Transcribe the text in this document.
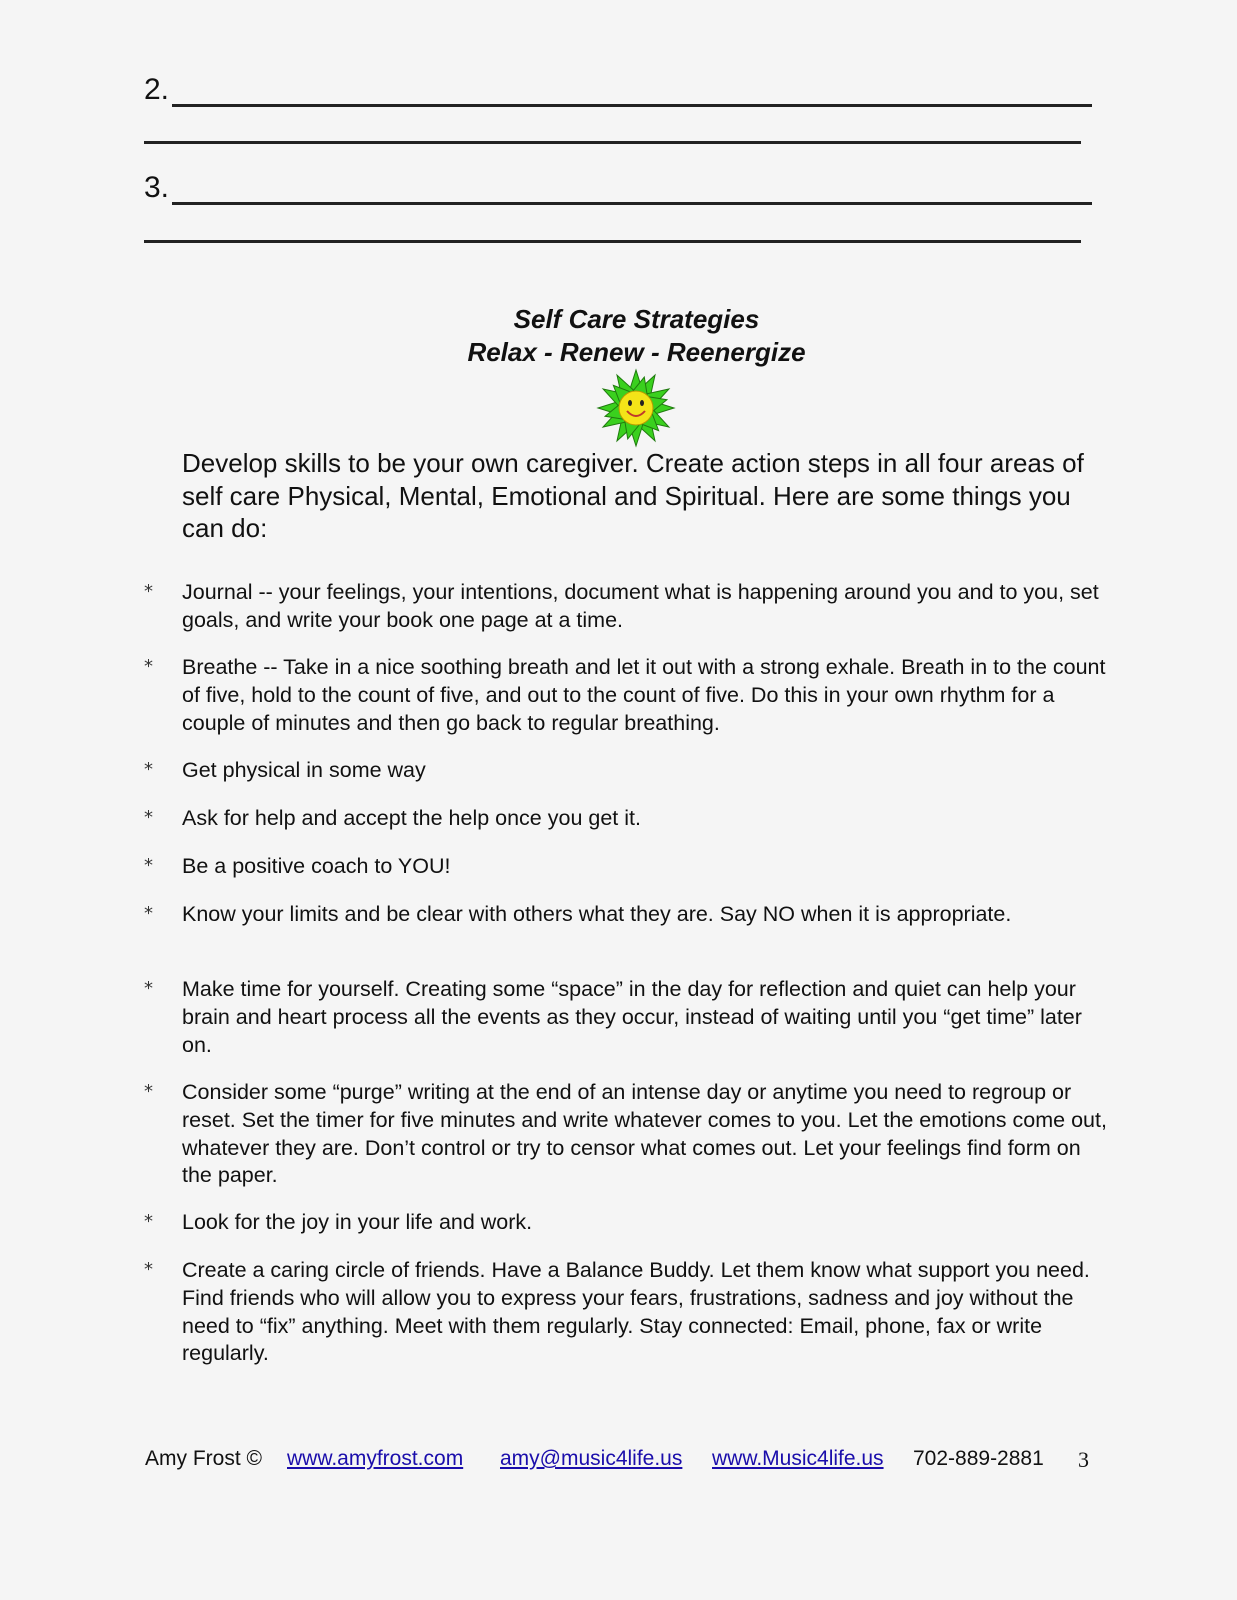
2.
3.
Self Care Strategies
Relax - Renew - Reenergize

Develop skills to be your own caregiver. Create action steps in all four areas of self care Physical, Mental, Emotional and Spiritual. Here are some things you can do:

* Journal -- your feelings, your intentions, document what is happening around you and to you, set goals, and write your book one page at a time.

* Breathe -- Take in a nice soothing breath and let it out with a strong exhale. Breath in to the count of five, hold to the count of five, and out to the count of five. Do this in your own rhythm for a couple of minutes and then go back to regular breathing.

* Get physical in some way

* Ask for help and accept the help once you get it.

* Be a positive coach to YOU!

* Know your limits and be clear with others what they are. Say NO when it is appropriate.

* Make time for yourself. Creating some “space” in the day for reflection and quiet can help your brain and heart process all the events as they occur, instead of waiting until you “get time” later on.

* Consider some “purge” writing at the end of an intense day or anytime you need to regroup or reset. Set the timer for five minutes and write whatever comes to you. Let the emotions come out, whatever they are. Don’t control or try to censor what comes out. Let your feelings find form on the paper.

* Look for the joy in your life and work.

* Create a caring circle of friends. Have a Balance Buddy. Let them know what support you need. Find friends who will allow you to express your fears, frustrations, sadness and joy without the need to “fix” anything. Meet with them regularly. Stay connected: Email, phone, fax or write regularly.

Amy Frost © www.amyfrost.com amy@music4life.us www.Music4life.us 702-889-2881 3
